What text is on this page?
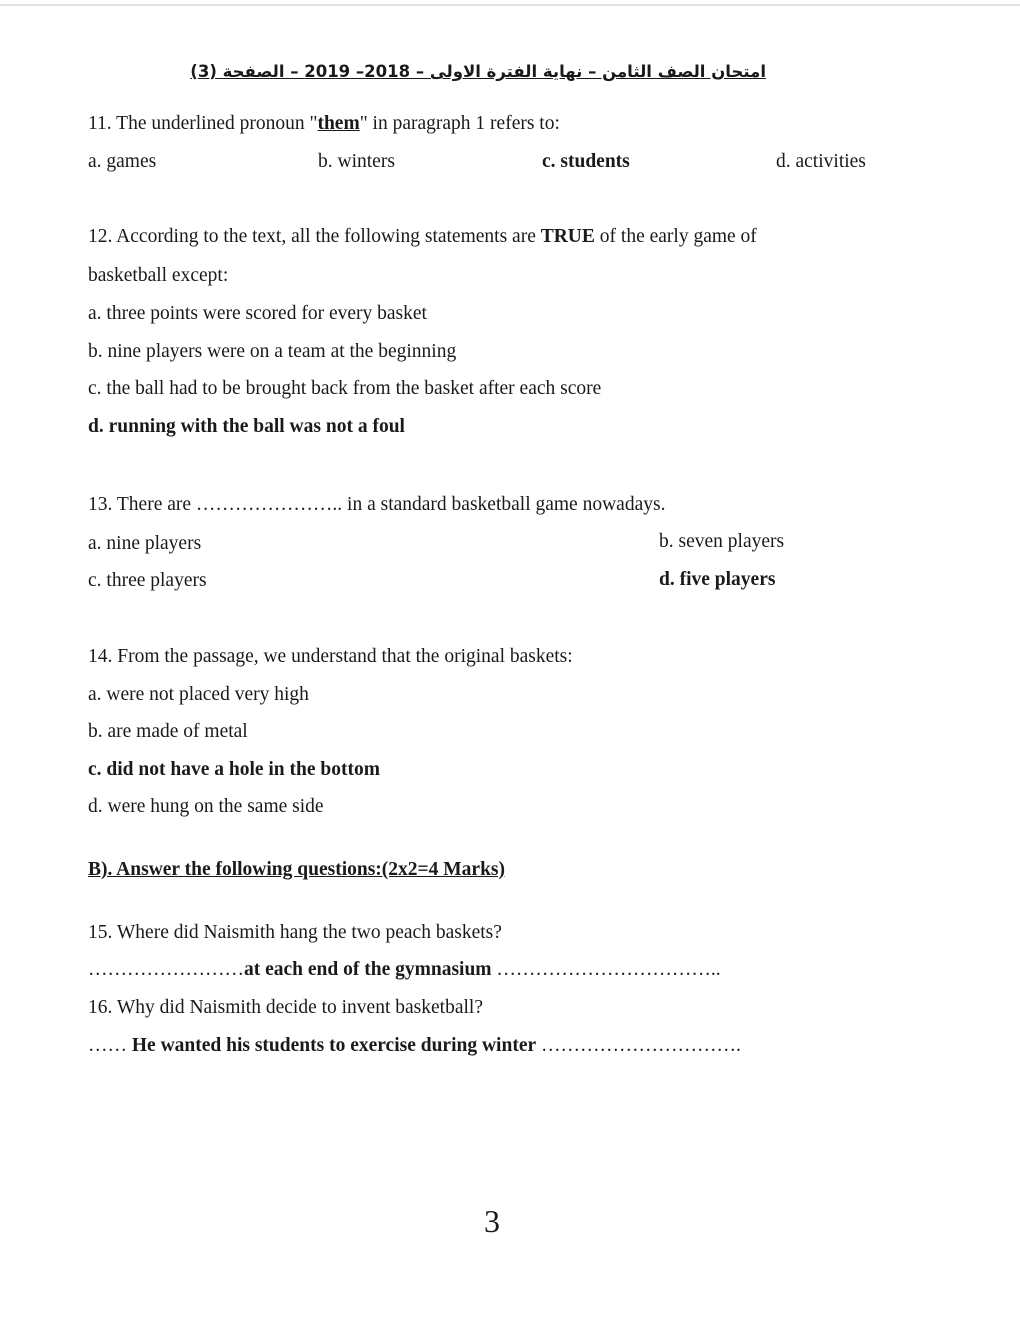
امتحان الصف الثامن – نهاية الفترة الاولى – 2018– 2019 – الصفحة (3)
11. The underlined pronoun "them" in paragraph 1 refers to:
a. games	b. winters	c. students	d. activities
12. According to the text, all the following statements are TRUE of the early game of
basketball except:
a. three points were scored for every basket
b. nine players were on a team at the beginning
c. the ball had to be brought back from the basket after each score
d. running with the ball was not a foul
13. There are ………………….. in a standard basketball game nowadays.
a. nine players	b. seven players
c. three players	d. five players
14. From the passage, we understand that the original baskets:
a. were not placed very high
b. are made of metal
c. did not have a hole in the bottom
d. were hung on the same side
B). Answer the following questions:(2x2=4 Marks)
15. Where did Naismith hang the two peach baskets?
……………………at each end of the gymnasium ……………………………..
16. Why did Naismith decide to invent basketball?
…… He wanted his students to exercise during winter ………………………….
3
